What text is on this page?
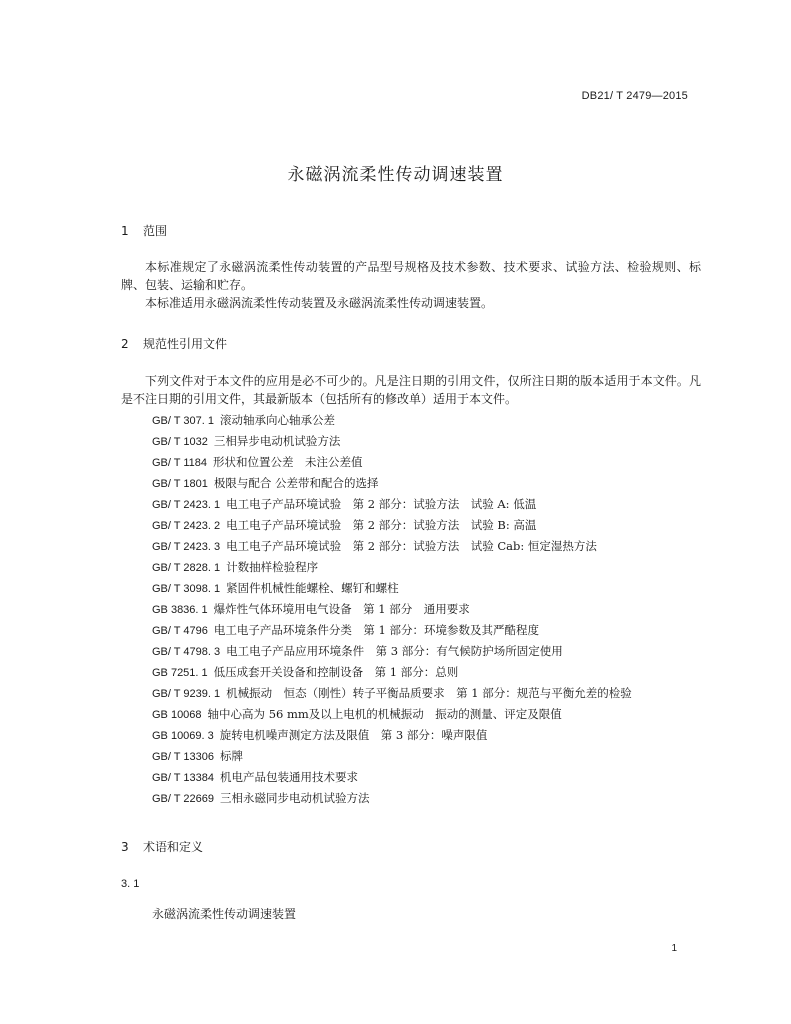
DB21/ T 2479—2015
永磁涡流柔性传动调速装置
1 范围

本标准规定了永磁涡流柔性传动装置的产品型号规格及技术参数、技术要求、试验方法、检验规则、标牌、包装、运输和贮存。

本标准适用永磁涡流柔性传动装置及永磁涡流柔性传动调速装置。

2 规范性引用文件

下列文件对于本文件的应用是必不可少的。凡是注日期的引用文件，仅所注日期的版本适用于本文件。凡是不注日期的引用文件，其最新版本（包括所有的修改单）适用于本文件。

GB/ T 307. 1 滚动轴承向心轴承公差
GB/ T 1032 三相异步电动机试验方法
GB/ T 1184 形状和位置公差　未注公差值
GB/ T 1801 极限与配合 公差带和配合的选择
GB/ T 2423. 1 电工电子产品环境试验　第 2 部分：试验方法　试验 A: 低温
GB/ T 2423. 2 电工电子产品环境试验　第 2 部分：试验方法　试验 B: 高温
GB/ T 2423. 3 电工电子产品环境试验　第 2 部分：试验方法　试验 Cab: 恒定湿热方法
GB/ T 2828. 1 计数抽样检验程序
GB/ T 3098. 1 紧固件机械性能螺栓、螺钉和螺柱
GB 3836. 1 爆炸性气体环境用电气设备　第 1 部分　通用要求
GB/ T 4796 电工电子产品环境条件分类　第 1 部分：环境参数及其严酷程度
GB/ T 4798. 3 电工电子产品应用环境条件　第 3 部分：有气候防护场所固定使用
GB 7251. 1 低压成套开关设备和控制设备　第 1 部分：总则
GB/ T 9239. 1 机械振动　恒态（刚性）转子平衡品质要求　第 1 部分：规范与平衡允差的检验
GB 10068 轴中心高为 56 mm及以上电机的机械振动　振动的测量、评定及限值
GB 10069. 3 旋转电机噪声测定方法及限值　第 3 部分：噪声限值
GB/ T 13306 标牌
GB/ T 13384 机电产品包装通用技术要求
GB/ T 22669 三相永磁同步电动机试验方法
3 术语和定义
3. 1
永磁涡流柔性传动调速装置
1
